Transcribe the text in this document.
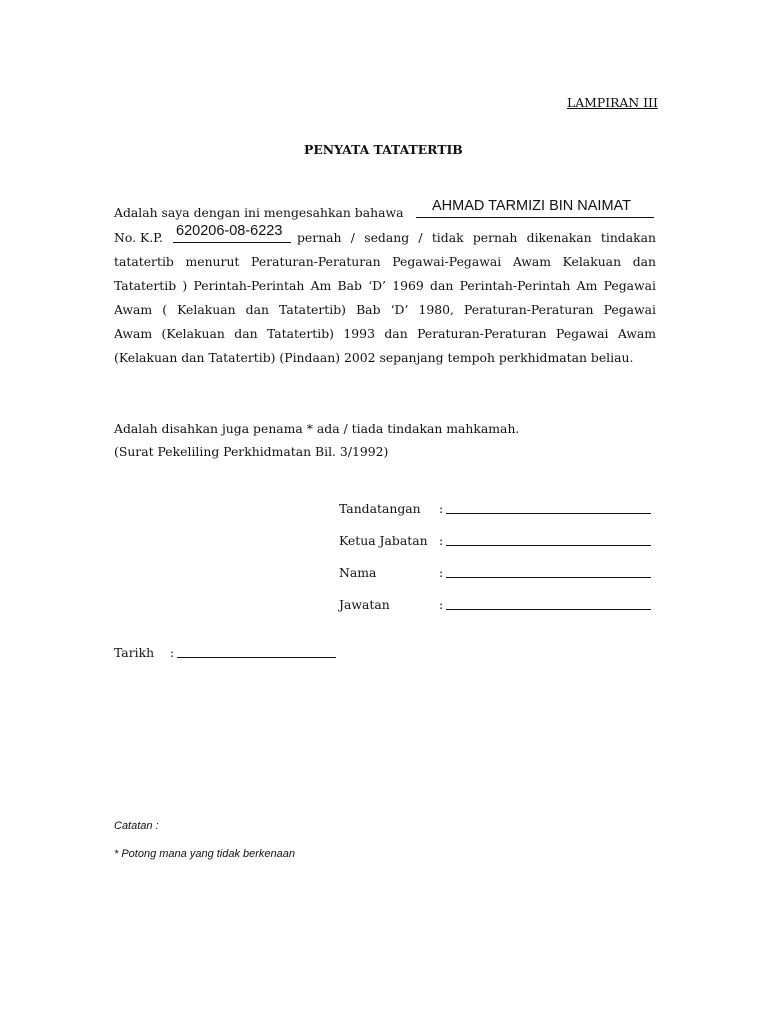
LAMPIRAN III
PENYATA TATATERTIB
Adalah saya dengan ini mengesahkan bahawa AHMAD TARMIZI BIN NAIMAT
No. K.P. 620206-08-6223 pernah / sedang / tidak pernah dikenakan tindakan
tatatertib menurut Peraturan-Peraturan Pegawai-Pegawai Awam Kelakuan dan
Tatatertib ) Perintah-Perintah Am Bab ‘D’ 1969 dan Perintah-Perintah Am Pegawai
Awam ( Kelakuan dan Tatatertib) Bab ‘D’ 1980, Peraturan-Peraturan Pegawai
Awam (Kelakuan dan Tatatertib) 1993 dan Peraturan-Peraturan Pegawai Awam
(Kelakuan dan Tatatertib) (Pindaan) 2002 sepanjang tempoh perkhidmatan beliau.
Adalah disahkan juga penama * ada / tiada tindakan mahkamah.
(Surat Pekeliling Perkhidmatan Bil. 3/1992)
Tandatangan :
Ketua Jabatan :
Nama	:
Jawatan	:
Tarikh :
Catatan :
* Potong mana yang tidak berkenaan
